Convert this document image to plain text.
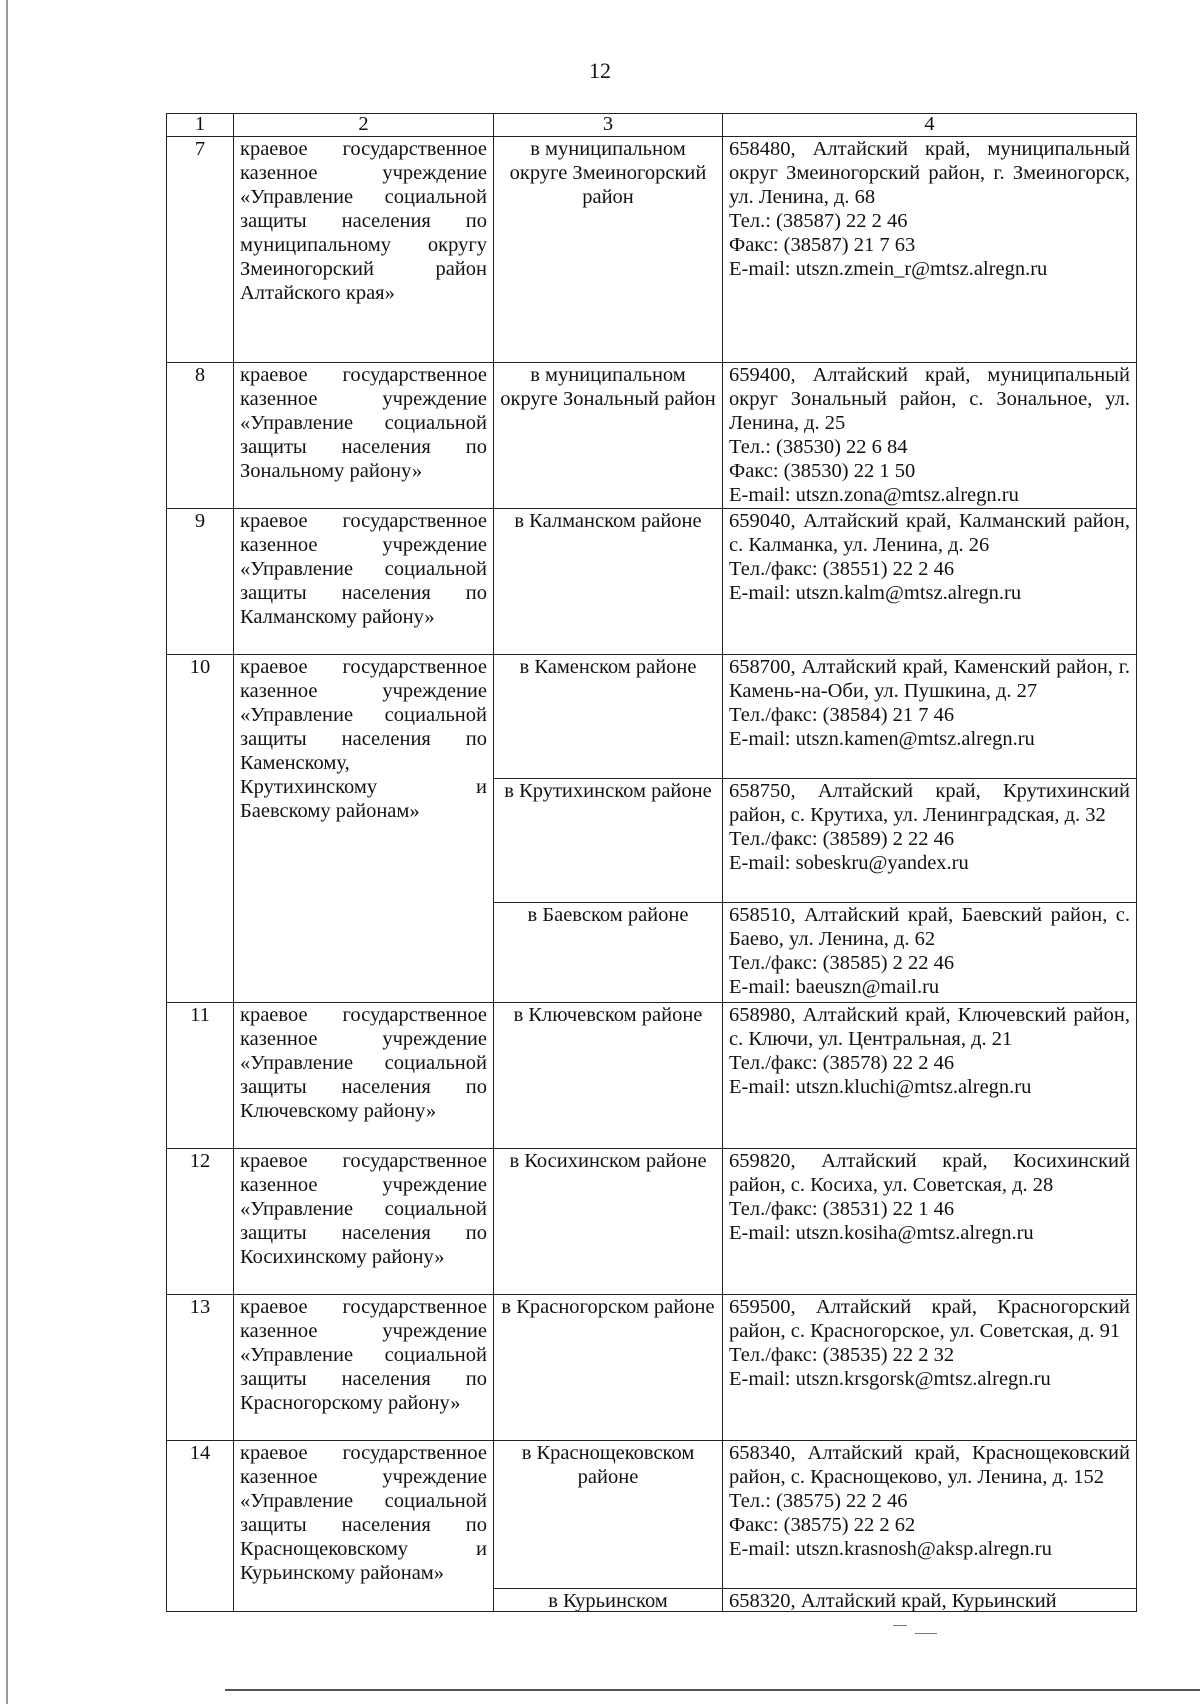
12
1	2	3	4
7	краевое государственное казенное учреждение «Управление социальной защиты населения по муниципальному округу Змеиногорский район Алтайского края»	в муниципальном округе Змеиногорский район	658480, Алтайский край, муниципальный округ Змеиногорский район, г. Змеиногорск, ул. Ленина, д. 68
Тел.: (38587) 22 2 46
Факс: (38587) 21 7 63
E-mail: utszn.zmein_r@mtsz.alregn.ru

8	краевое государственное казенное учреждение «Управление социальной защиты населения по Зональному району»	в муниципальном округе Зональный район	659400, Алтайский край, муниципальный округ Зональный район, с. Зональное, ул. Ленина, д. 25
Тел.: (38530) 22 6 84
Факс: (38530) 22 1 50
E-mail: utszn.zona@mtsz.alregn.ru

9	краевое государственное казенное учреждение «Управление социальной защиты населения по Калманскому району»	в Калманском районе	659040, Алтайский край, Калманский район, с. Калманка, ул. Ленина, д. 26
Тел./факс: (38551) 22 2 46
E-mail: utszn.kalm@mtsz.alregn.ru

10	краевое государственное казенное учреждение «Управление социальной защиты населения по Каменскому, Крутихинскому и Баевскому районам»	в Каменском районе	658700, Алтайский край, Каменский район, г. Камень-на-Оби, ул. Пушкина, д. 27
Тел./факс: (38584) 21 7 46
E-mail: utszn.kamen@mtsz.alregn.ru

		в Крутихинском районе	658750, Алтайский край, Крутихинский район, с. Крутиха, ул. Ленинградская, д. 32
Тел./факс: (38589) 2 22 46
E-mail: sobeskru@yandex.ru

		в Баевском районе	658510, Алтайский край, Баевский район, с. Баево, ул. Ленина, д. 62
Тел./факс: (38585) 2 22 46
E-mail: baeuszn@mail.ru

11	краевое государственное казенное учреждение «Управление социальной защиты населения по Ключевскому району»	в Ключевском районе	658980, Алтайский край, Ключевский район, с. Ключи, ул. Центральная, д. 21
Тел./факс: (38578) 22 2 46
E-mail: utszn.kluchi@mtsz.alregn.ru

12	краевое государственное казенное учреждение «Управление социальной защиты населения по Косихинскому району»	в Косихинском районе	659820, Алтайский край, Косихинский район, с. Косиха, ул. Советская, д. 28
Тел./факс: (38531) 22 1 46
E-mail: utszn.kosiha@mtsz.alregn.ru

13	краевое государственное казенное учреждение «Управление социальной защиты населения по Красногорскому району»	в Красногорском районе	659500, Алтайский край, Красногорский район, с. Красногорское, ул. Советская, д. 91
Тел./факс: (38535) 22 2 32
E-mail: utszn.krsgorsk@mtsz.alregn.ru

14	краевое государственное казенное учреждение «Управление социальной защиты населения по Краснощековскому и Курьинскому районам»	в Краснощековском районе	658340, Алтайский край, Краснощековский район, с. Краснощеково, ул. Ленина, д. 152
Тел.: (38575) 22 2 46
Факс: (38575) 22 2 62
E-mail: utszn.krasnosh@aksp.alregn.ru

		в Курьинском	658320, Алтайский край, Курьинский
